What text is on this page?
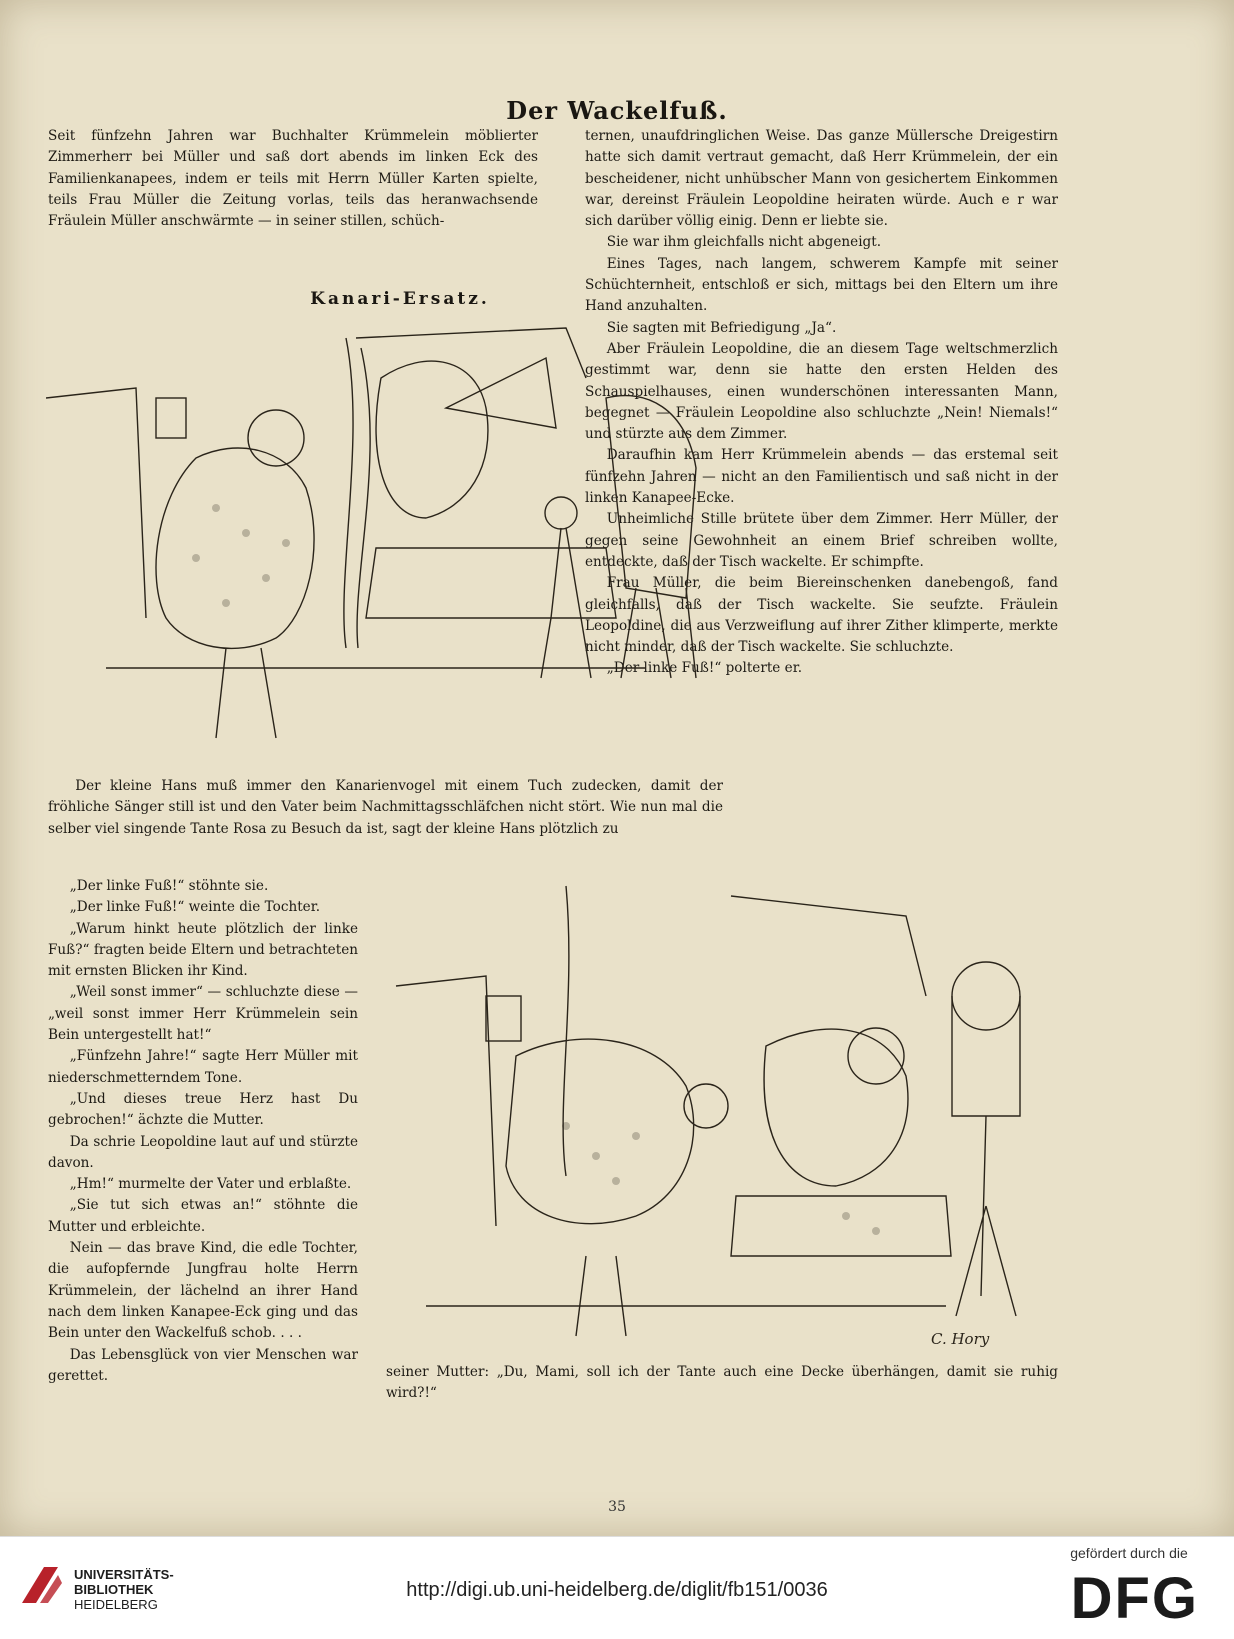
Der Wackelfuß.

Seit fünfzehn Jahren war Buchhalter Krümmelein möblierter Zimmerherr bei Müller und saß dort abends im linken Eck des Familienkanapees, indem er teils mit Herrn Müller Karten spielte, teils Frau Müller die Zeitung vorlas, teils das heranwachsende Fräulein Müller anschwärmte — in seiner stillen, schüch-

ternen, unaufdringlichen Weise. Das ganze Müllersche Dreigestirn hatte sich damit vertraut gemacht, daß Herr Krümmelein, der ein bescheidener, nicht unhübscher Mann von gesichertem Einkommen war, dereinst Fräulein Leopoldine heiraten würde. Auch e r war sich darüber völlig einig. Denn er liebte sie.

Sie war ihm gleichfalls nicht abgeneigt.

Eines Tages, nach langem, schwerem Kampfe mit seiner Schüchternheit, entschloß er sich, mittags bei den Eltern um ihre Hand anzuhalten.

Sie sagten mit Befriedigung „Ja“.

Aber Fräulein Leopoldine, die an diesem Tage weltschmerzlich gestimmt war, denn sie hatte den ersten Helden des Schauspielhauses, einen wunderschönen interessanten Mann, begegnet — Fräulein Leopoldine also schluchzte „Nein! Niemals!“ und stürzte aus dem Zimmer.

Daraufhin kam Herr Krümmelein abends — das erstemal seit fünfzehn Jahren — nicht an den Familientisch und saß nicht in der linken Kanapee-Ecke.

Unheimliche Stille brütete über dem Zimmer. Herr Müller, der gegen seine Gewohnheit an einem Brief schreiben wollte, entdeckte, daß der Tisch wackelte. Er schimpfte.

Frau Müller, die beim Biereinschenken danebengoß, fand gleichfalls, daß der Tisch wackelte. Sie seufzte. Fräulein Leopoldine, die aus Verzweiflung auf ihrer Zither klimperte, merkte nicht minder, daß der Tisch wackelte. Sie schluchzte.

„Der linke Fuß!“ polterte er.

Kanari-Ersatz.
Der kleine Hans muß immer den Kanarienvogel mit einem Tuch zudecken, damit der fröhliche Sänger still ist und den Vater beim Nachmittagsschläfchen nicht stört. Wie nun mal die selber viel singende Tante Rosa zu Besuch da ist, sagt der kleine Hans plötzlich zu

„Der linke Fuß!“ stöhnte sie.

„Der linke Fuß!“ weinte die Tochter.

„Warum hinkt heute plötzlich der linke Fuß?“ fragten beide Eltern und betrachteten mit ernsten Blicken ihr Kind.

„Weil sonst immer“ — schluchzte diese — „weil sonst immer Herr Krümmelein sein Bein untergestellt hat!“

„Fünfzehn Jahre!“ sagte Herr Müller mit niederschmetterndem Tone.

„Und dieses treue Herz hast Du gebrochen!“ ächzte die Mutter.

Da schrie Leopoldine laut auf und stürzte davon.

„Hm!“ murmelte der Vater und erblaßte.

„Sie tut sich etwas an!“ stöhnte die Mutter und erbleichte.

Nein — das brave Kind, die edle Tochter, die aufopfernde Jungfrau holte Herrn Krümmelein, der lächelnd an ihrer Hand nach dem linken Kanapee-Eck ging und das Bein unter den Wackelfuß schob. . . .

Das Lebensglück von vier Menschen war gerettet.

C. Hory
seiner Mutter: „Du, Mami, soll ich der Tante auch eine Decke überhängen, damit sie ruhig wird?!“
35
UNIVERSITÄTS-
BIBLIOTHEK
HEIDELBERG
http://digi.ub.uni-heidelberg.de/diglit/fb151/0036
gefördert durch die
DFG
